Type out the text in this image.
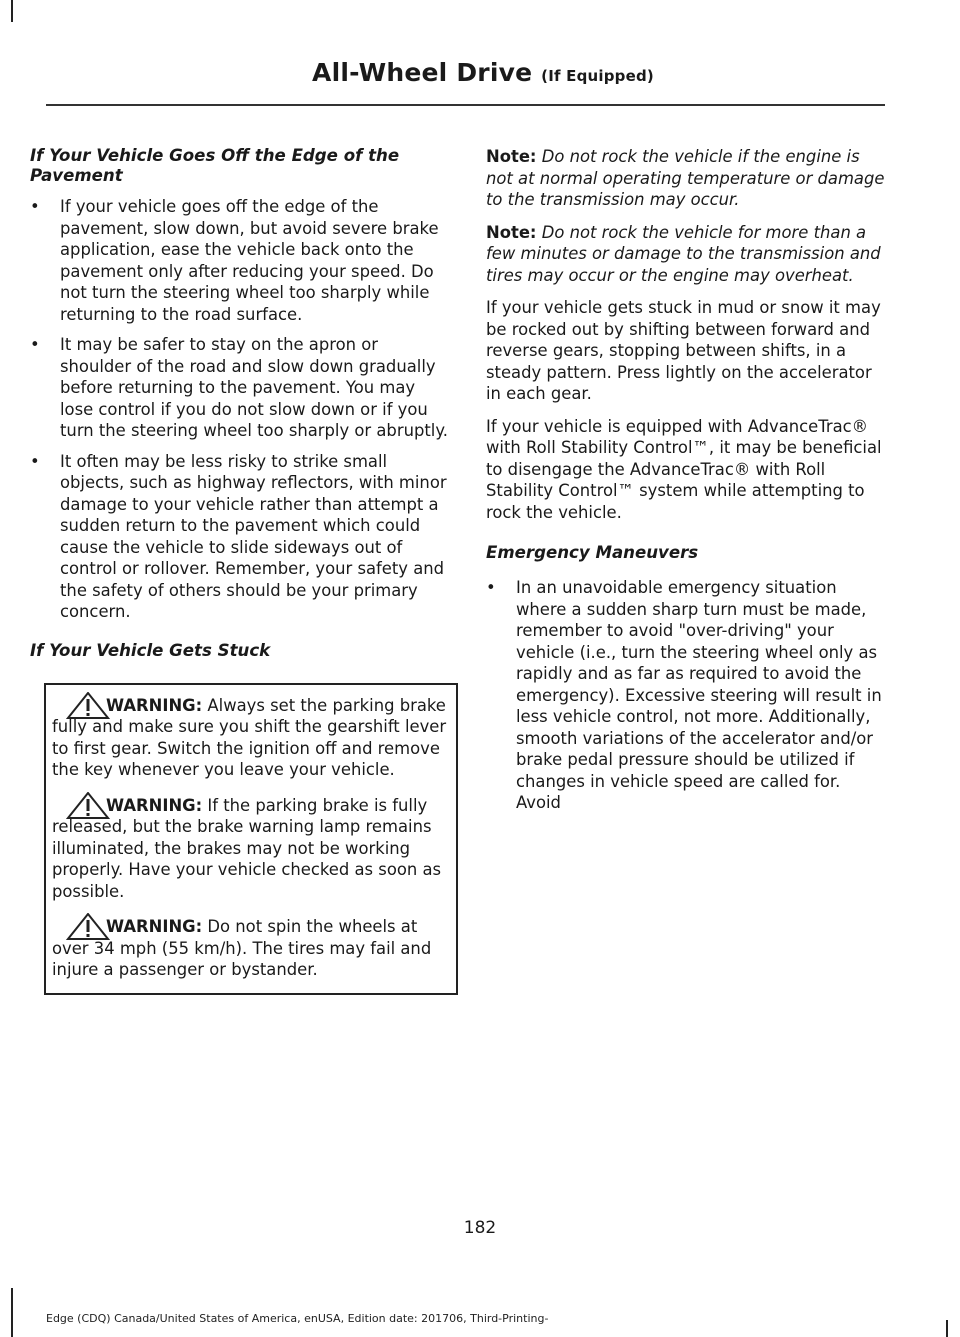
All-Wheel Drive (If Equipped)

If Your Vehicle Goes Off the Edge of the Pavement

• If your vehicle goes off the edge of the pavement, slow down, but avoid severe brake application, ease the vehicle back onto the pavement only after reducing your speed. Do not turn the steering wheel too sharply while returning to the road surface.
• It may be safer to stay on the apron or shoulder of the road and slow down gradually before returning to the pavement. You may lose control if you do not slow down or if you turn the steering wheel too sharply or abruptly.
• It often may be less risky to strike small objects, such as highway reflectors, with minor damage to your vehicle rather than attempt a sudden return to the pavement which could cause the vehicle to slide sideways out of control or rollover. Remember, your safety and the safety of others should be your primary concern.

If Your Vehicle Gets Stuck

WARNING: Always set the parking brake fully and make sure you shift the gearshift lever to first gear. Switch the ignition off and remove the key whenever you leave your vehicle.
WARNING: If the parking brake is fully released, but the brake warning lamp remains illuminated, the brakes may not be working properly. Have your vehicle checked as soon as possible.
WARNING: Do not spin the wheels at over 34 mph (55 km/h). The tires may fail and injure a passenger or bystander.

Note: Do not rock the vehicle if the engine is not at normal operating temperature or damage to the transmission may occur.

Note: Do not rock the vehicle for more than a few minutes or damage to the transmission and tires may occur or the engine may overheat.

If your vehicle gets stuck in mud or snow it may be rocked out by shifting between forward and reverse gears, stopping between shifts, in a steady pattern. Press lightly on the accelerator in each gear.

If your vehicle is equipped with AdvanceTrac® with Roll Stability Control™, it may be beneficial to disengage the AdvanceTrac® with Roll Stability Control™ system while attempting to rock the vehicle.

Emergency Maneuvers

• In an unavoidable emergency situation where a sudden sharp turn must be made, remember to avoid "over-driving" your vehicle (i.e., turn the steering wheel only as rapidly and as far as required to avoid the emergency). Excessive steering will result in less vehicle control, not more. Additionally, smooth variations of the accelerator and/or brake pedal pressure should be utilized if changes in vehicle speed are called for. Avoid
182
Edge (CDQ) Canada/United States of America, enUSA, Edition date: 201706, Third-Printing-
